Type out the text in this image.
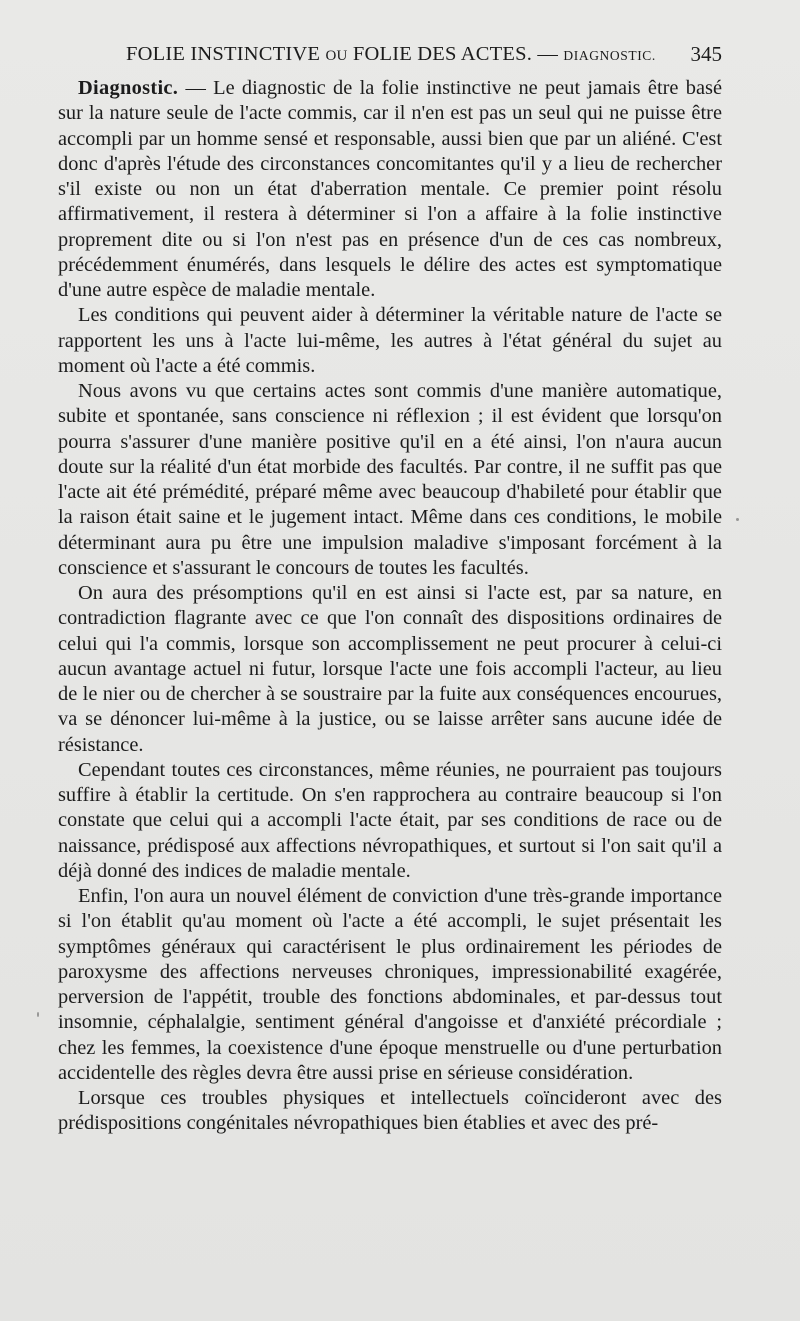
FOLIE INSTINCTIVE OU FOLIE DES ACTES. — DIAGNOSTIC. 345

Diagnostic. — Le diagnostic de la folie instinctive ne peut jamais être basé sur la nature seule de l'acte commis, car il n'en est pas un seul qui ne puisse être accompli par un homme sensé et responsable, aussi bien que par un aliéné. C'est donc d'après l'étude des circonstances concomitantes qu'il y a lieu de rechercher s'il existe ou non un état d'aberration mentale. Ce premier point résolu affirmativement, il restera à déterminer si l'on a affaire à la folie instinctive proprement dite ou si l'on n'est pas en présence d'un de ces cas nombreux, précédemment énumérés, dans lesquels le délire des actes est symptomatique d'une autre espèce de maladie mentale.

Les conditions qui peuvent aider à déterminer la véritable nature de l'acte se rapportent les uns à l'acte lui-même, les autres à l'état général du sujet au moment où l'acte a été commis.

Nous avons vu que certains actes sont commis d'une manière automatique, subite et spontanée, sans conscience ni réflexion ; il est évident que lorsqu'on pourra s'assurer d'une manière positive qu'il en a été ainsi, l'on n'aura aucun doute sur la réalité d'un état morbide des facultés. Par contre, il ne suffit pas que l'acte ait été prémédité, préparé même avec beaucoup d'habileté pour établir que la raison était saine et le jugement intact. Même dans ces conditions, le mobile déterminant aura pu être une impulsion maladive s'imposant forcément à la conscience et s'assurant le concours de toutes les facultés.

On aura des présomptions qu'il en est ainsi si l'acte est, par sa nature, en contradiction flagrante avec ce que l'on connaît des dispositions ordinaires de celui qui l'a commis, lorsque son accomplissement ne peut procurer à celui-ci aucun avantage actuel ni futur, lorsque l'acte une fois accompli l'acteur, au lieu de le nier ou de chercher à se soustraire par la fuite aux conséquences encourues, va se dénoncer lui-même à la justice, ou se laisse arrêter sans aucune idée de résistance.

Cependant toutes ces circonstances, même réunies, ne pourraient pas toujours suffire à établir la certitude. On s'en rapprochera au contraire beaucoup si l'on constate que celui qui a accompli l'acte était, par ses conditions de race ou de naissance, prédisposé aux affections névropathiques, et surtout si l'on sait qu'il a déjà donné des indices de maladie mentale.

Enfin, l'on aura un nouvel élément de conviction d'une très-grande importance si l'on établit qu'au moment où l'acte a été accompli, le sujet présentait les symptômes généraux qui caractérisent le plus ordinairement les périodes de paroxysme des affections nerveuses chroniques, impressionabilité exagérée, perversion de l'appétit, trouble des fonctions abdominales, et par-dessus tout insomnie, céphalalgie, sentiment général d'angoisse et d'anxiété précordiale ; chez les femmes, la coexistence d'une époque menstruelle ou d'une perturbation accidentelle des règles devra être aussi prise en sérieuse considération.

Lorsque ces troubles physiques et intellectuels coïncideront avec des prédispositions congénitales névropathiques bien établies et avec des pré-
